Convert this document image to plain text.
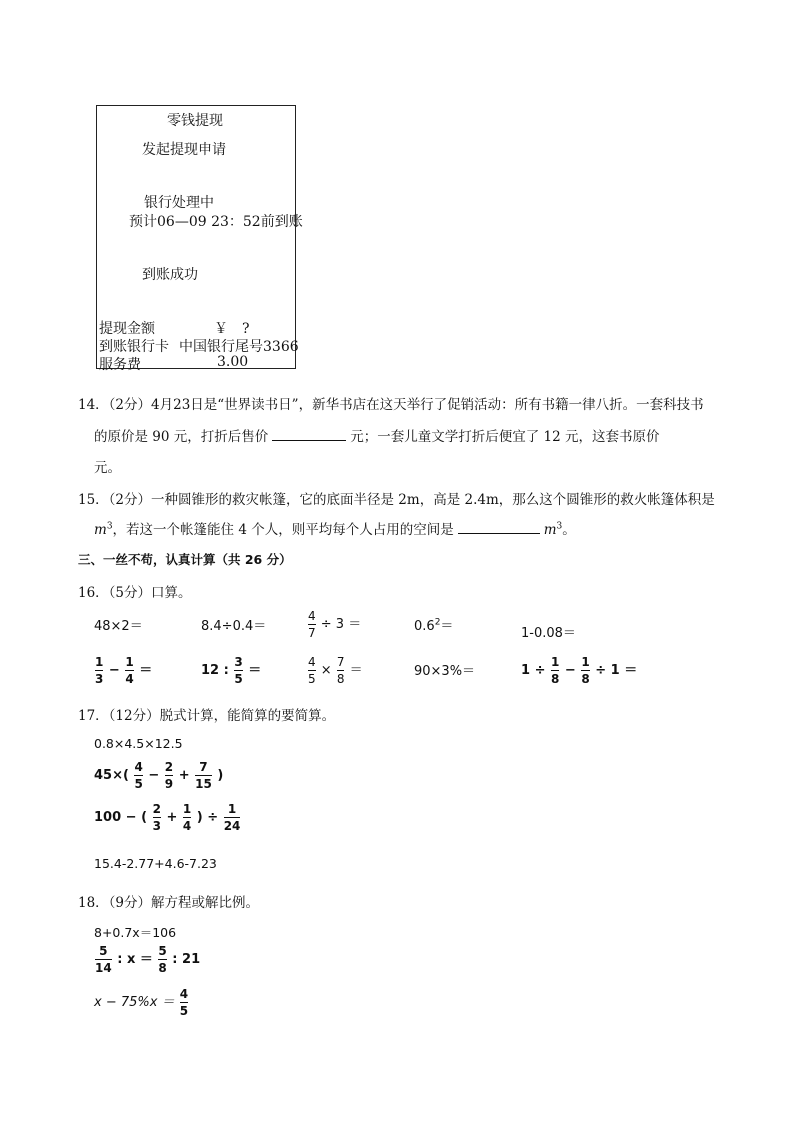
零钱提现
发起提现申请
银行处理中
预计06—09 23：52前到账
到账成功
提现金额	￥　?
到账银行卡 中国银行尾号3366
服务费	3.00
14．（2分）4月23日是“世界读书日”，新华书店在这天举行了促销活动：所有书籍一律八折。一套科技书
的原价是 90 元，打折后售价	元；一套儿童文学打折后便宜了 12 元，这套书原价
元。
15．（2分）一种圆锥形的救灾帐篷，它的底面半径是 2m，高是 2.4m，那么这个圆锥形的救火帐篷体积是
$m^3$，若这一个帐篷能住 4 个人，则平均每个人占用的空间是	$m^3$。
三、一丝不苟，认真计算（共 26 分）
16．（5分）口算。
48×2＝	8.4÷0.4＝	$\frac{4}{7} \div 3$ ＝	$0.6^2=$	1-0.08＝
$\frac{1}{3} - \frac{1}{4}$ ＝	12 : $\frac{3}{5}$ ＝	$\frac{4}{5} \times \frac{7}{8}$ ＝	90×3%＝	$1 \div \frac{1}{8} - \frac{1}{8} \div 1$ ＝
17．（12分）脱式计算，能简算的要简算。
0.8×4.5×12.5
$45\times( \frac{4}{5} - \frac{2}{9} + \frac{7}{15}$ )
100 − ( $\frac{2}{3} + \frac{1}{4}$ ) ÷ $\frac{1}{24}$
15.4-2.77+4.6-7.23
18．（9分）解方程或解比例。
8+0.7x＝106
$\frac{5}{14}$ : $x = \frac{5}{8}$ : 21
$x - 75\%x = \frac{4}{5}$
